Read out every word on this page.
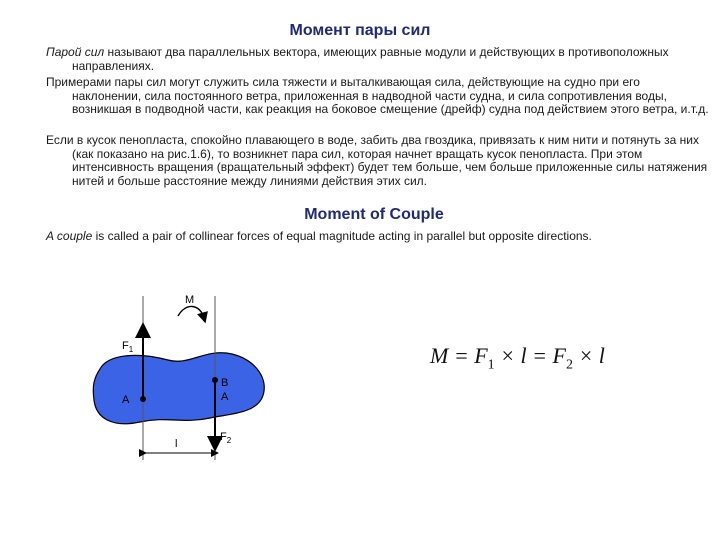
Момент пары сил
Парой сил называют два параллельных вектора, имеющих равные модули и действующих в противоположных направлениях.
Примерами пары сил могут служить сила тяжести и выталкивающая сила, действующие на судно при его наклонении, сила постоянного ветра, приложенная в надводной части судна, и сила сопротивления воды, возникшая в подводной части, как реакция на боковое смещение (дрейф) судна под действием этого ветра, и.т.д.
Если в кусок пенопласта, спокойно плавающего в воде, забить два гвоздика, привязать к ним нити и потянуть за них (как показано на рис.1.6), то возникнет пара сил, которая начнет вращать кусок пенопласта. При этом интенсивность вращения (вращательный эффект) будет тем больше, чем больше приложенные силы натяжения нитей и больше расстояние между линиями действия этих сил.
Moment of Couple
A couple is called a pair of collinear forces of equal magnitude acting in parallel but opposite directions.
M
$F_1$
A
B
A
$F_2$
l
$M = F_1 \times l = F_2 \times l$
